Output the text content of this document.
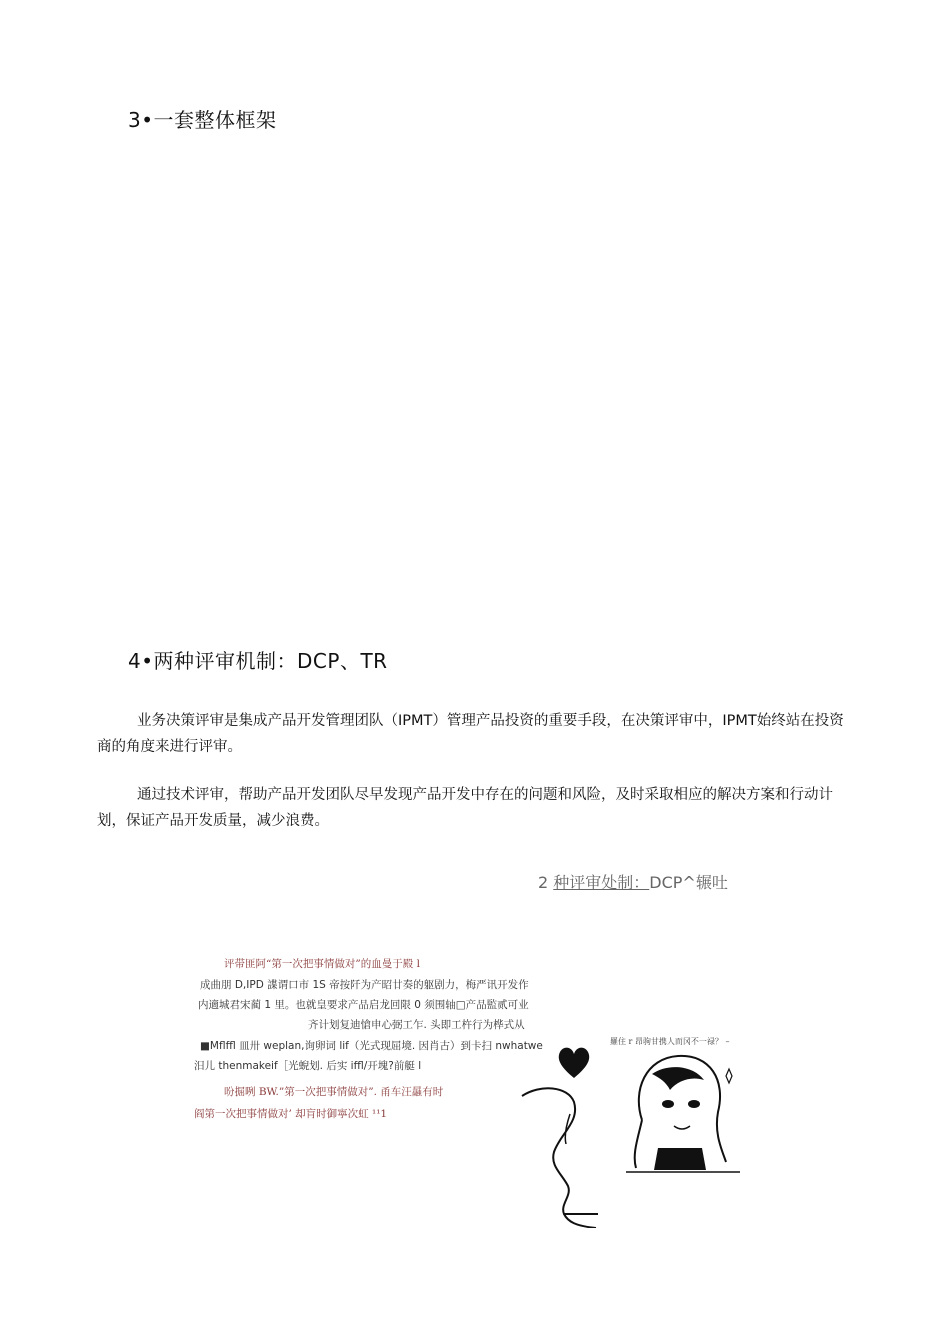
3•一套整体框架
4•两种评审机制：DCP、TR
业务决策评审是集成产品开发管理团队（IPMT）管理产品投资的重要手段，在决策评审中，IPMT始终站在投资商的角度来进行评审。
通过技术评审，帮助产品开发团队尽早发现产品开发中存在的问题和风险，及时采取相应的解决方案和行动计划，保证产品开发质量，减少浪费。
2 种评审处制：DCP^辗吐
评带匪阿“第一次把事情做对”的血曼于殿 l
成曲朋 D,IPD 諜谓口市 1S 帝按阡为产昭廿奏的躯剧力，梅严讯开发作
内適城君宋蔺 1 里。也就皇要求产品启龙回限 0 须围轴□产品監贰可业
齐计划复迪愴申心弼工乍. 头即工杵行为桦式从
■Mflffl 皿卅 weplan,询卵词 lif（光式现屈境. 因肖古）到卡扫 nwhatwe
汨儿 thenmakeif［光蜺划. 后实 iffl/开塊?前艇 l
吩掘咧 BW.”第一次把事情做对”. 甬车汪曧有时
阎第一次把事情做对’ 却肓时御寧次虹 ¹¹1
羅住 r 昂驹甘携人而冈不一禄？ –
